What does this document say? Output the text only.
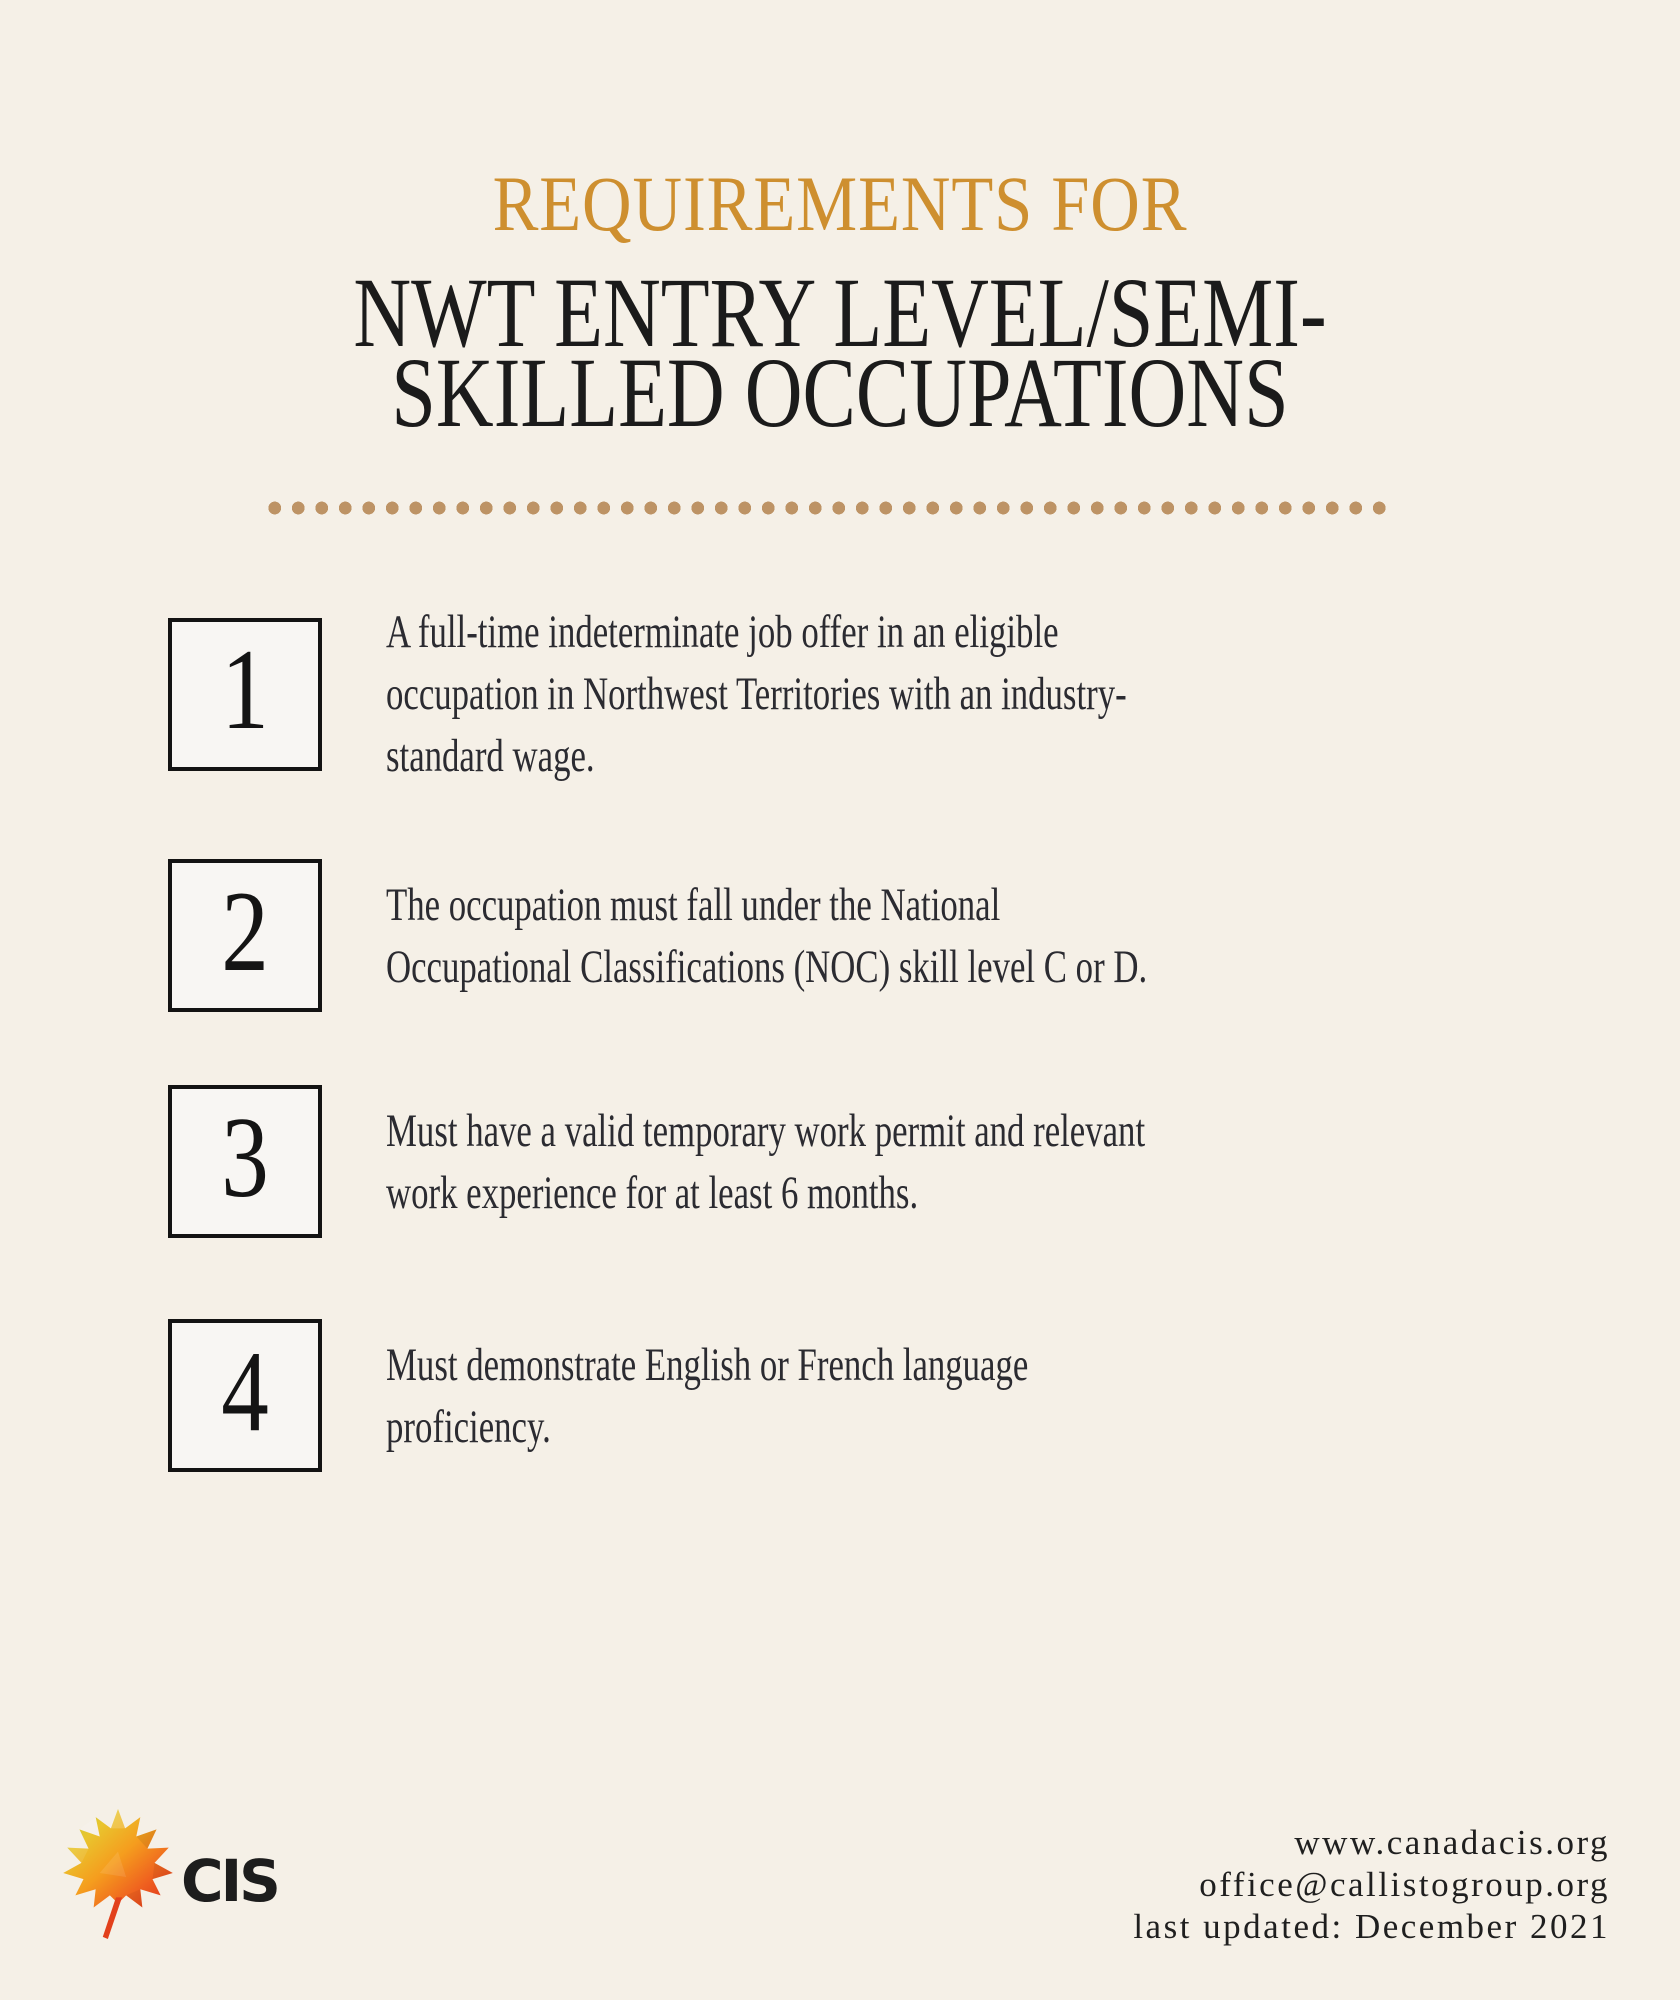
REQUIREMENTS FOR
NWT ENTRY LEVEL/SEMI-
SKILLED OCCUPATIONS
1 A full-time indeterminate job offer in an eligible
occupation in Northwest Territories with an industry-
standard wage.
2 The occupation must fall under the National
Occupational Classifications (NOC) skill level C or D.
3 Must have a valid temporary work permit and relevant
work experience for at least 6 months.
4 Must demonstrate English or French language
proficiency.
CIS
www.canadacis.org
office@callistogroup.org
last updated: December 2021
